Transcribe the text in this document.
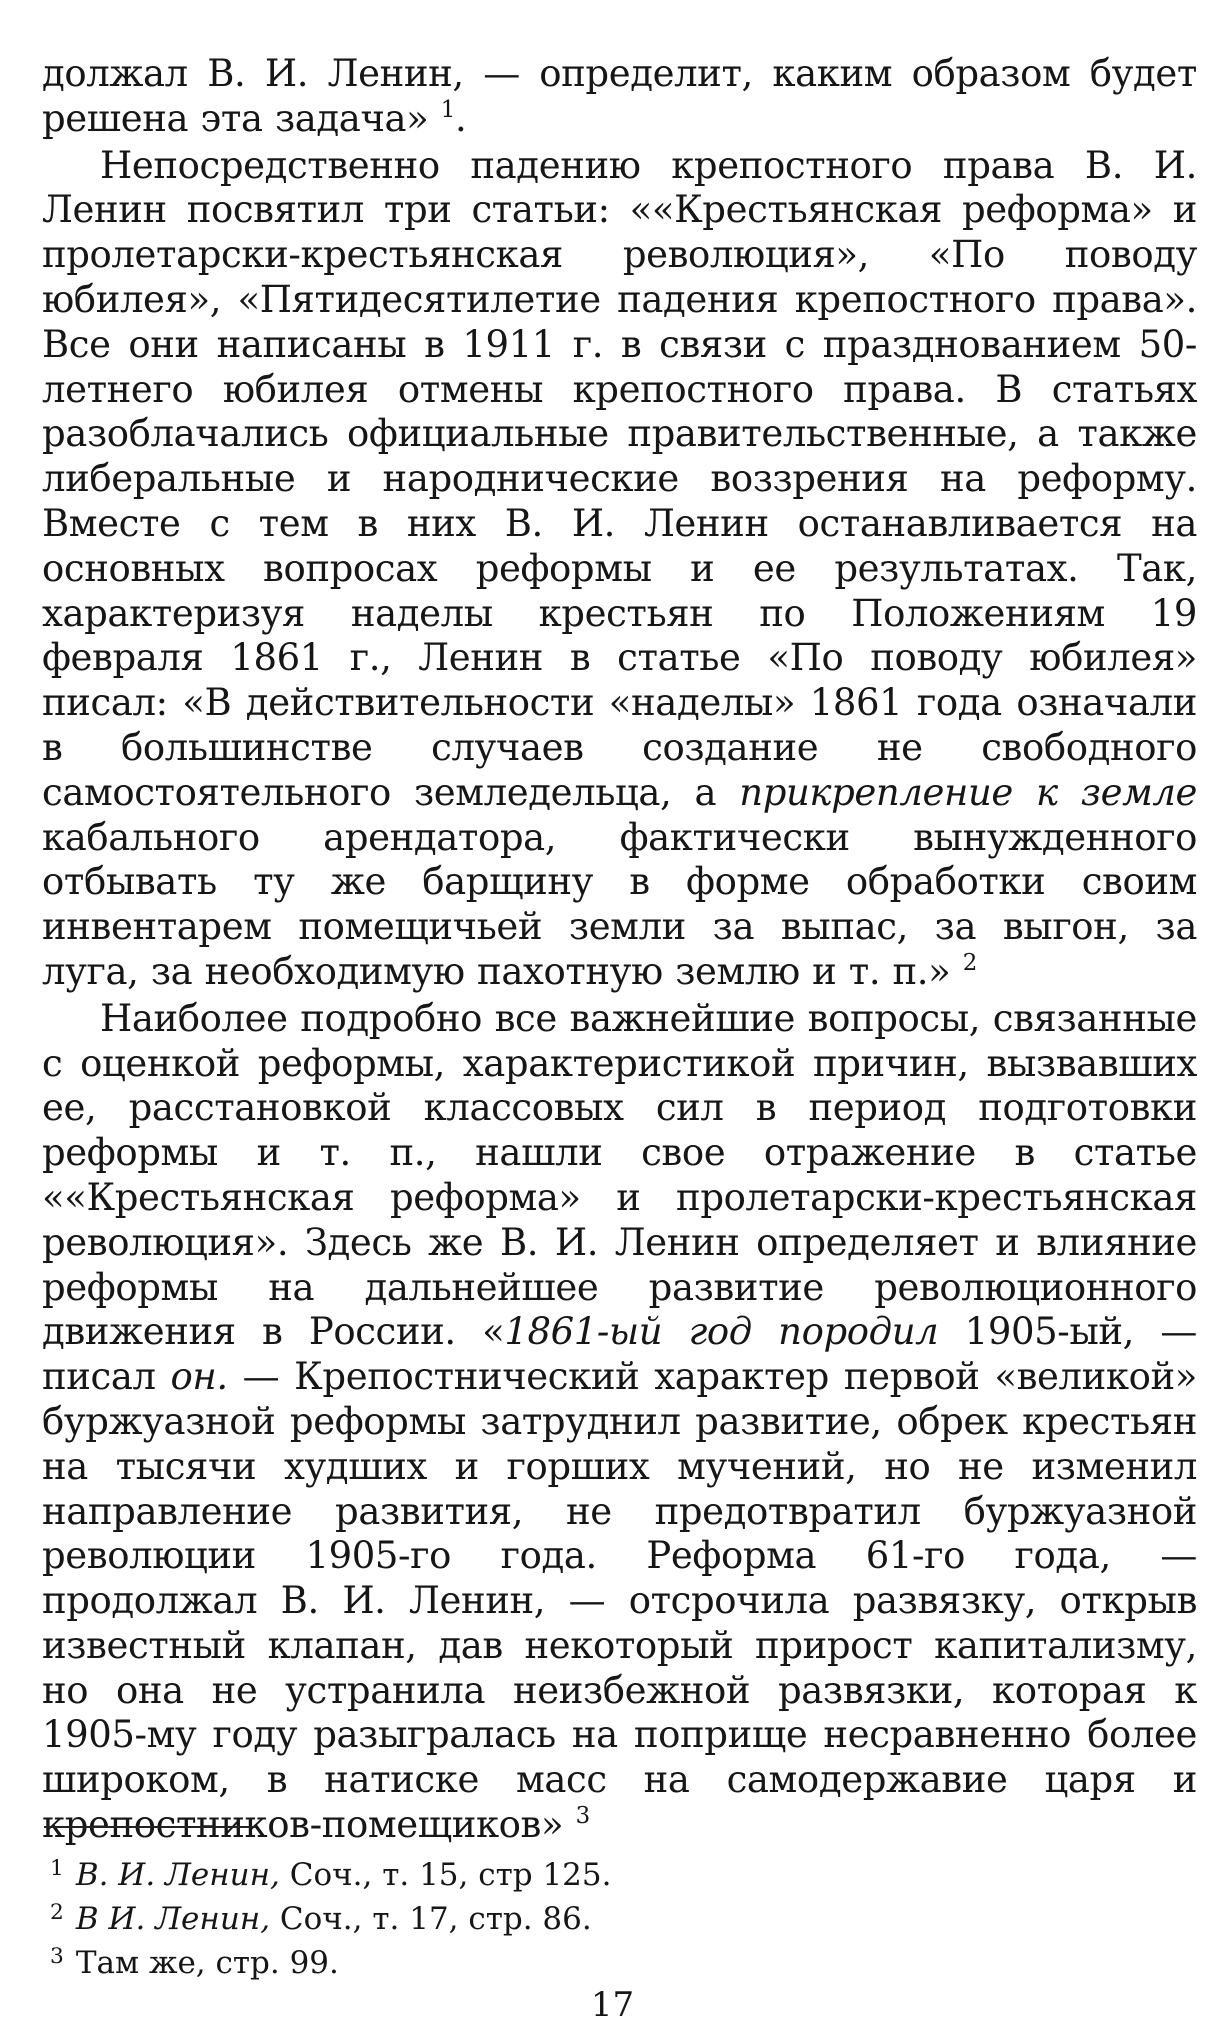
должал В. И. Ленин, — определит, каким образом будет решена эта задача» $^1$.

Непосредственно падению крепостного права В. И. Ленин посвятил три статьи: ««Крестьянская реформа» и пролетарски-крестьянская революция», «По поводу юбилея», «Пятидесятилетие падения крепостного права». Все они написаны в 1911 г. в связи с празднованием 50-летнего юбилея отмены крепостного права. В статьях разоблачались официальные правительственные, а также либеральные и народнические воззрения на реформу. Вместе с тем в них В. И. Ленин останавливается на основных вопросах реформы и ее результатах. Так, характеризуя наделы крестьян по Положениям 19 февраля 1861 г., Ленин в статье «По поводу юбилея» писал: «В действительности «наделы» 1861 года означали в большинстве случаев создание не свободного самостоятельного земледельца, а прикрепление к земле кабального арендатора, фактически вынужденного отбывать ту же барщину в форме обработки своим инвентарем помещичьей земли за выпас, за выгон, за луга, за необходимую пахотную землю и т. п.» $^2$

Наиболее подробно все важнейшие вопросы, связанные с оценкой реформы, характеристикой причин, вызвавших ее, расстановкой классовых сил в период подготовки реформы и т. п., нашли свое отражение в статье ««Крестьянская реформа» и пролетарски-крестьянская революция». Здесь же В. И. Ленин определяет и влияние реформы на дальнейшее развитие революционного движения в России. «1861-ый год породил 1905-ый, — писал он. — Крепостнический характер первой «великой» буржуазной реформы затруднил развитие, обрек крестьян на тысячи худших и горших мучений, но не изменил направление развития, не предотвратил буржуазной революции 1905-го года. Реформа 61-го года, — продолжал В. И. Ленин, — отсрочила развязку, открыв известный клапан, дав некоторый прирост капитализму, но она не устранила неизбежной развязки, которая к 1905-му году разыгралась на поприще несравненно более широком, в натиске масс на самодержавие царя и крепостников-помещиков» $^3$

$^1$ В. И. Ленин, Соч., т. 15, стр 125.

$^2$ В И. Ленин, Соч., т. 17, стр. 86.

$^3$ Там же, стр. 99.

17
